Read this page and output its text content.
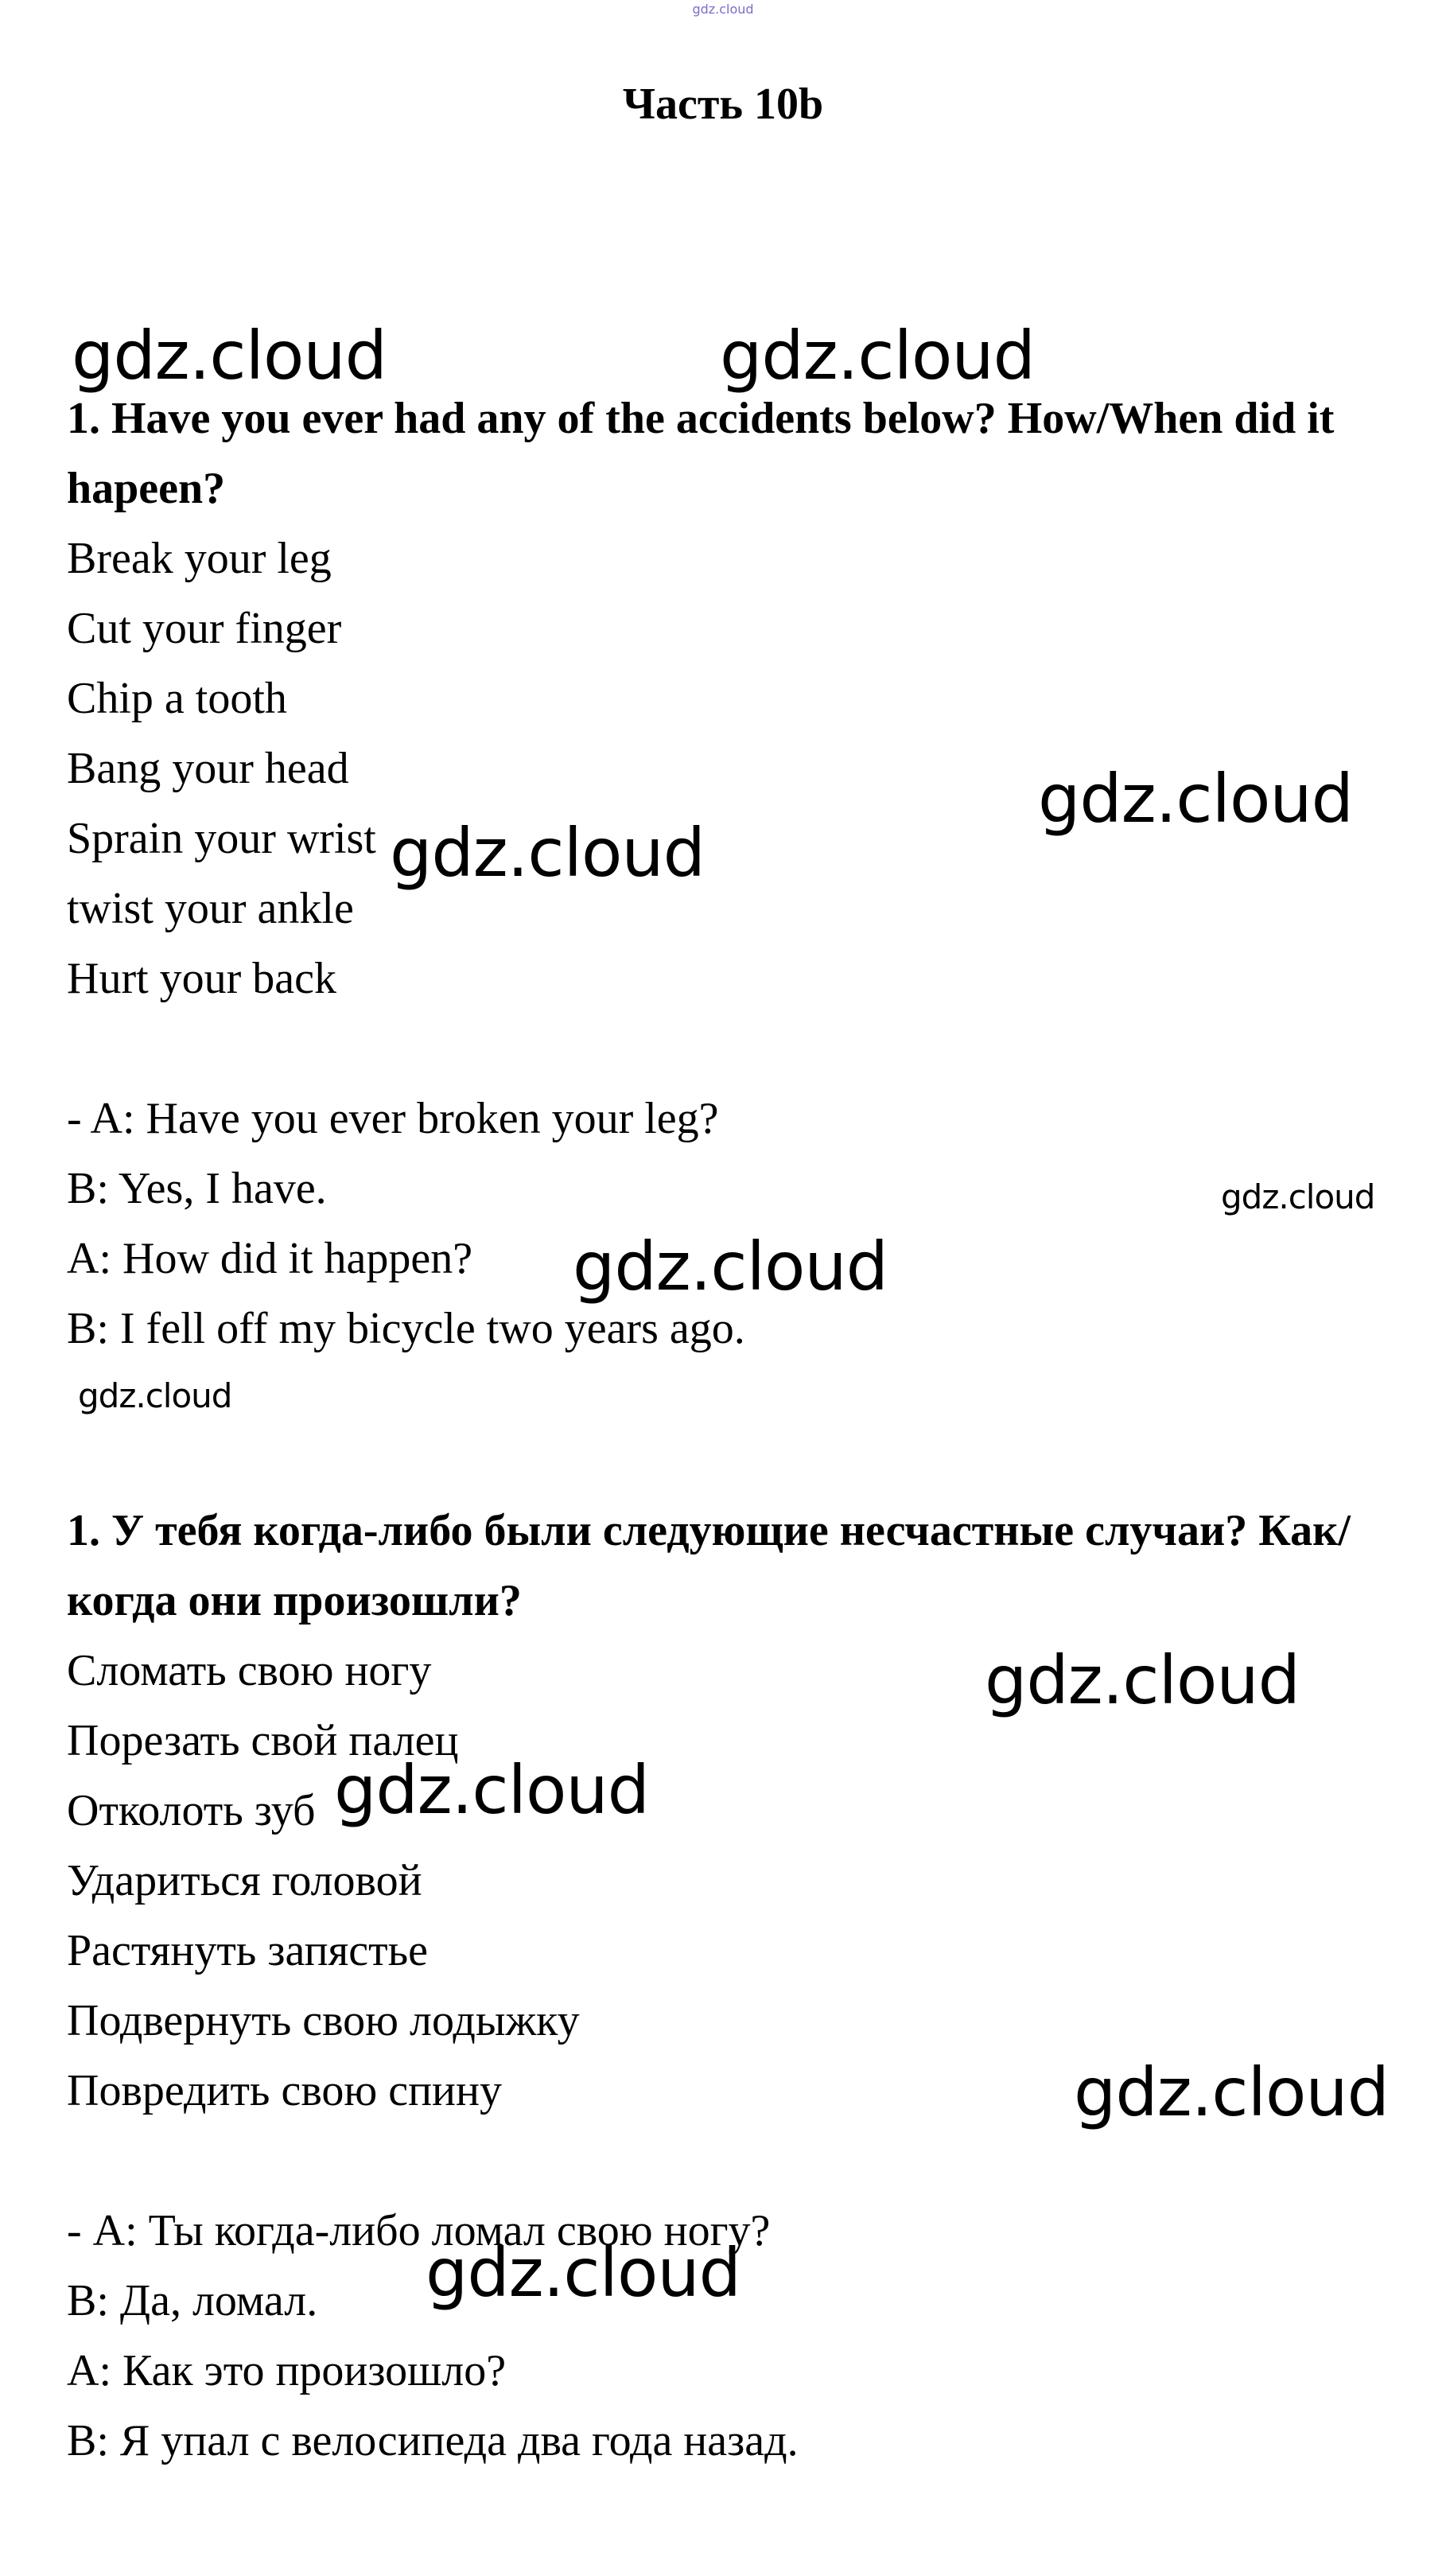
gdz.cloud
Часть 10b

1. Have you ever had any of the accidents below? How/When did it hapeen?

Break your leg

Cut your finger

Chip a tooth

Bang your head

Sprain your wrist

twist your ankle

Hurt your back

- A: Have you ever broken your leg?

B: Yes, I have.

A: How did it happen?

B: I fell off my bicycle two years ago.

1. У тебя когда-либо были следующие несчастные случаи? Как/когда они произошли?

Сломать свою ногу

Порезать свой палец

Отколоть зуб

Удариться головой

Растянуть запястье

Подвернуть свою лодыжку

Повредить свою спину

- А: Ты когда-либо ломал свою ногу?

В: Да, ломал.

А: Как это произошло?

В: Я упал с велосипеда два года назад.

gdz.cloud	gdz.cloud
gdz.cloud
gdz.cloud
gdz.cloud
gdz.cloud
gdz.cloud
gdz.cloud
gdz.cloud
gdz.cloud
gdz.cloud
